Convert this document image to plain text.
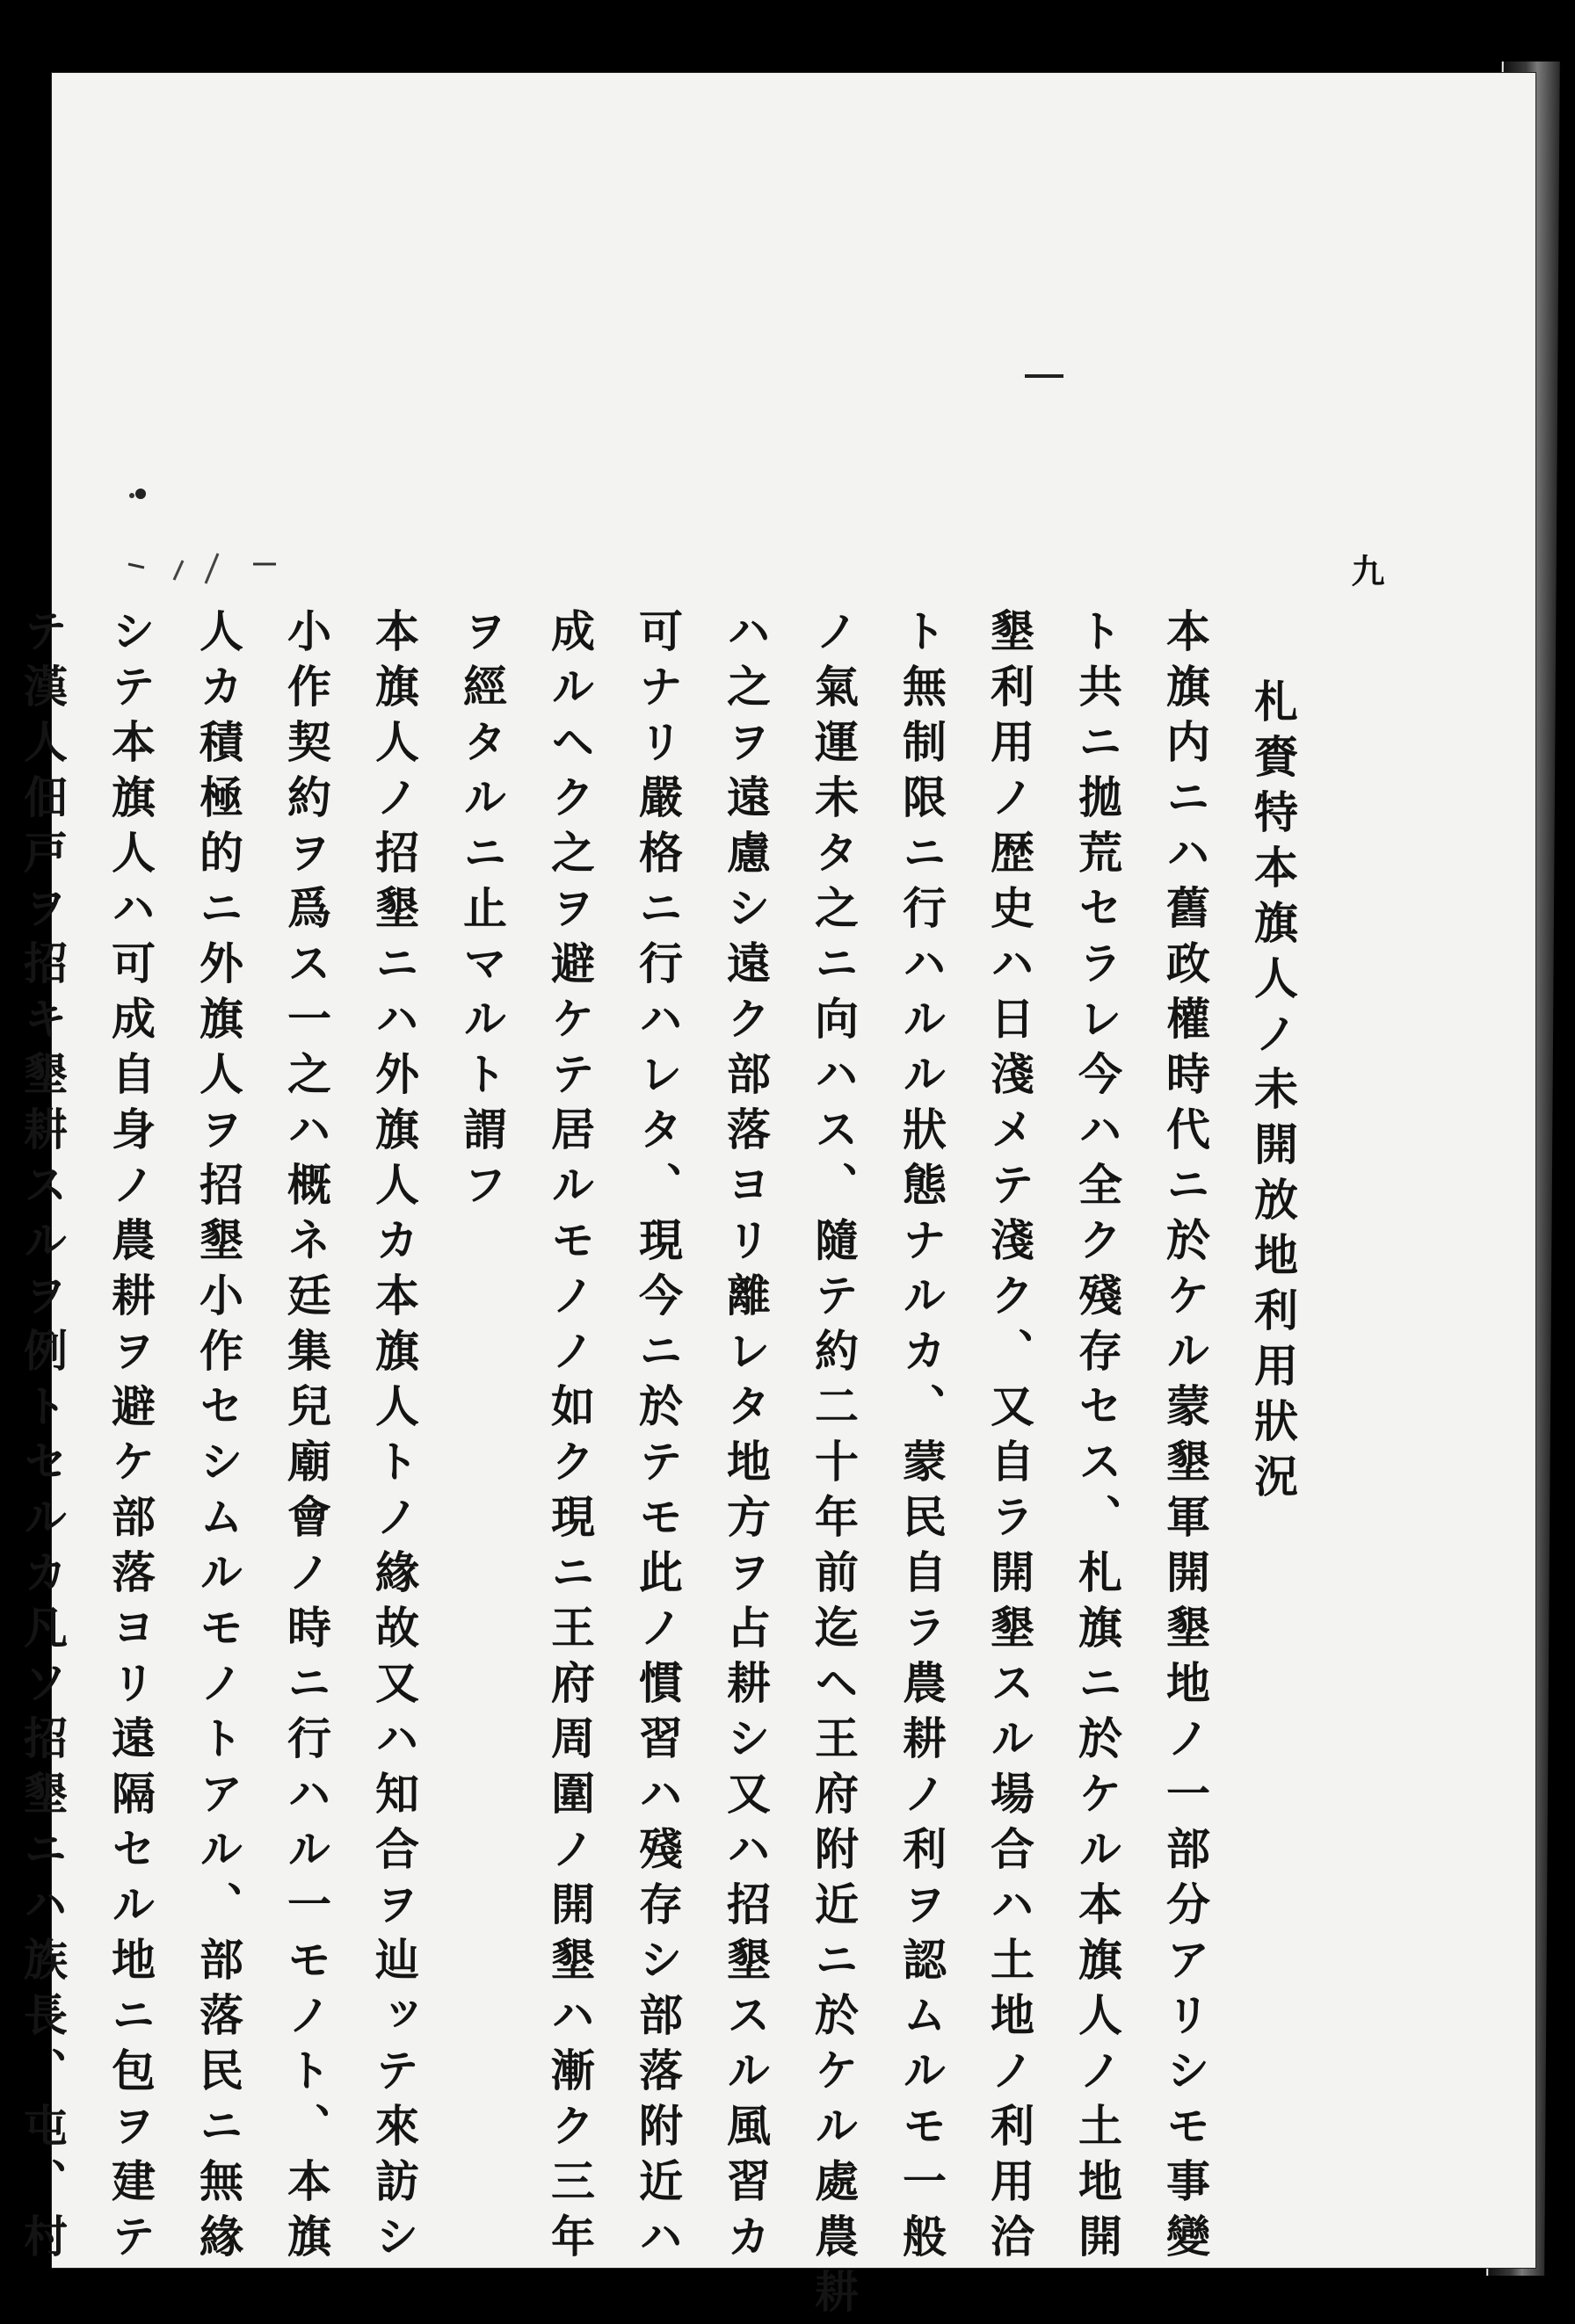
九
札賚特本旗人ノ未開放地利用狀況
本旗内ニハ舊政權時代ニ於ケル蒙墾軍開墾地ノ一部分アリシモ事變
ト共ニ拋荒セラレ今ハ全ク殘存セス、札旗ニ於ケル本旗人ノ土地開
墾利用ノ歴史ハ日淺メテ淺ク、又自ラ開墾スル場合ハ土地ノ利用洽
ト無制限ニ行ハルル狀態ナルカ、蒙民自ラ農耕ノ利ヲ認ムルモ一般
ノ氣運未タ之ニ向ハス、隨テ約二十年前迄ヘ王府附近ニ於ケル處農耕
ハ之ヲ遠慮シ遠ク部落ヨリ離レタ地方ヲ占耕シ又ハ招墾スル風習カ
可ナリ嚴格ニ行ハレタ、現今ニ於テモ此ノ慣習ハ殘存シ部落附近ハ
成ルヘク之ヲ避ケテ居ルモノノ如ク現ニ王府周圍ノ開墾ハ漸ク三年
ヲ經タルニ止マルト謂フ
本旗人ノ招墾ニハ外旗人カ本旗人トノ緣故又ハ知合ヲ辿ッテ來訪シ
小作契約ヲ爲ス一之ハ概ネ廷集兒廟會ノ時ニ行ハル一モノト、本旗
人カ積極的ニ外旗人ヲ招墾小作セシムルモノトアル、部落民ニ無緣
シテ本旗人ハ可成自身ノ農耕ヲ避ケ部落ヨリ遠隔セル地ニ包ヲ建テ
テ漢人佃戸ヲ招キ墾耕スルヲ例トセルカ凡ソ招墾ニハ族長、屯、村
